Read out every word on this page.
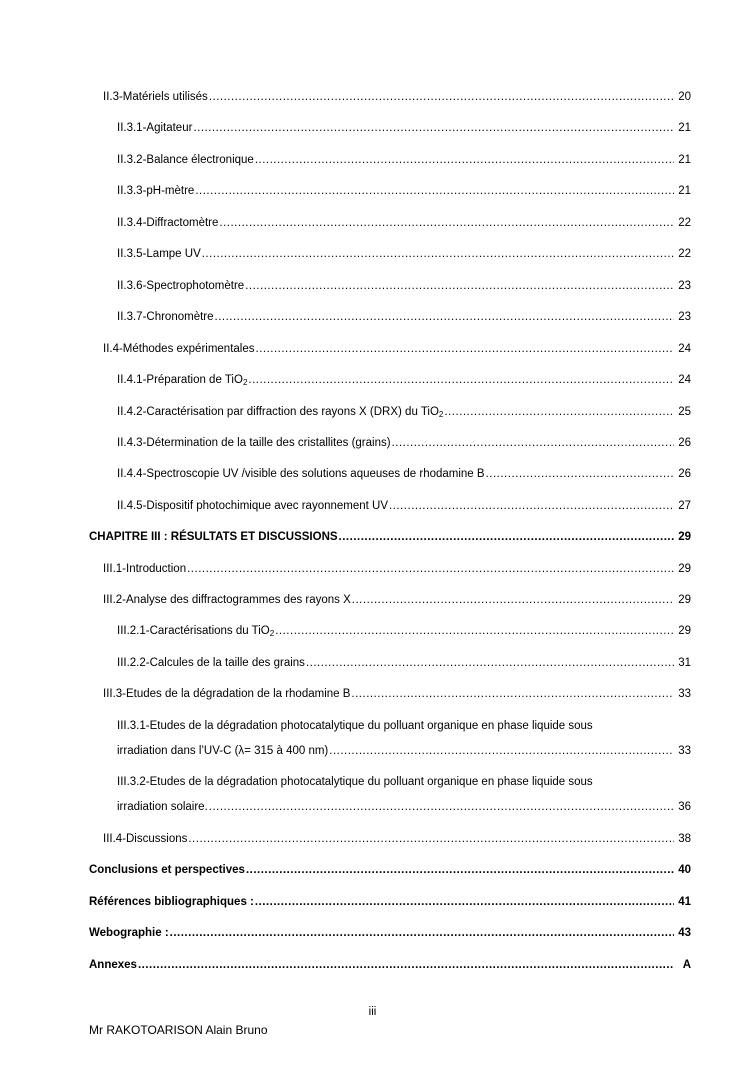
II.3-Matériels utilisés .....	20
II.3.1-Agitateur .....	21
II.3.2-Balance électronique .....	21
II.3.3-pH-mètre .....	21
II.3.4-Diffractomètre .....	22
II.3.5-Lampe UV .....	22
II.3.6-Spectrophotomètre .....	23
II.3.7-Chronomètre .....	23
II.4-Méthodes expérimentales .....	24
II.4.1-Préparation de TiO$_2$ .....	24
II.4.2-Caractérisation par diffraction des rayons X (DRX) du TiO$_2$ .....	25
II.4.3-Détermination de la taille des cristallites (grains) .....	26
II.4.4-Spectroscopie UV /visible des solutions aqueuses de rhodamine B .....	26
II.4.5-Dispositif photochimique avec rayonnement UV .....	27
CHAPITRE III : RÉSULTATS ET DISCUSSIONS .....	29
III.1-Introduction .....	29
III.2-Analyse des diffractogrammes des rayons X .....	29
III.2.1-Caractérisations du TiO$_2$ .....	29
III.2.2-Calcules de la taille des grains .....	31
III.3-Etudes de la dégradation de la rhodamine B .....	33
III.3.1-Etudes de la dégradation photocatalytique du polluant organique en phase liquide sous
irradiation dans l’UV-C (λ= 315 à 400 nm) .....	33
III.3.2-Etudes de la dégradation photocatalytique du polluant organique en phase liquide sous
irradiation solaire. .....	36
III.4-Discussions .....	38
Conclusions et perspectives .....	40
Références bibliographiques : .....	41
Webographie : .....	43
Annexes .....	A
iii
Mr RAKOTOARISON Alain Bruno
